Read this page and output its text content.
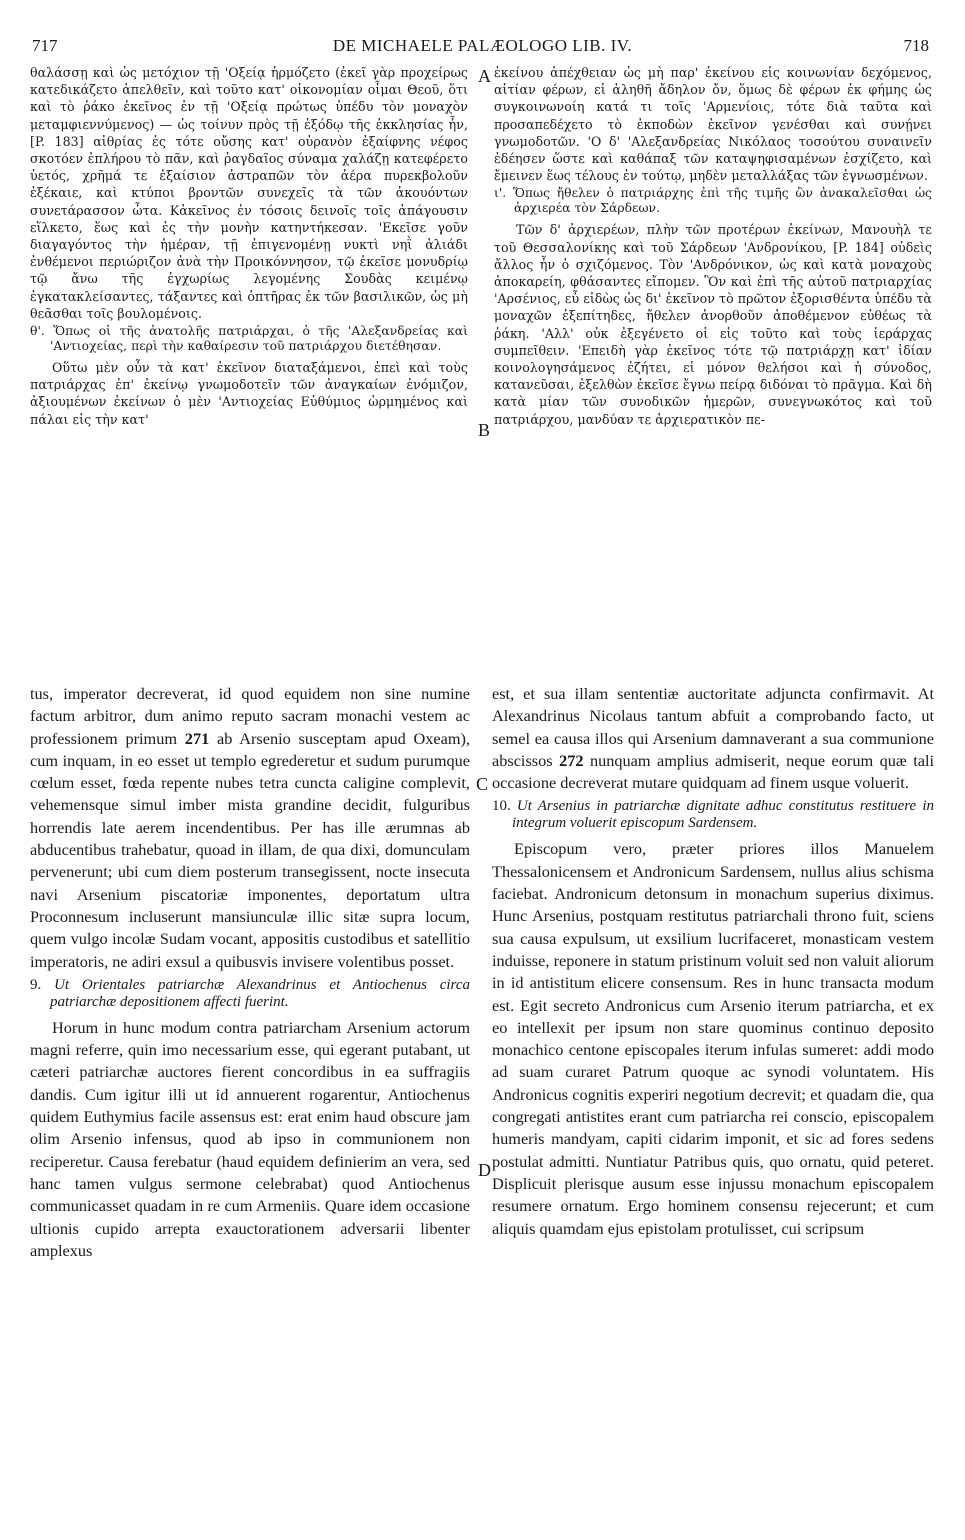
717	DE MICHAELE PALÆOLOGO LIB. IV.	718
A
B
C
D

θαλάσσῃ καὶ ὡς μετόχιον τῇ 'Οξείᾳ ἡρμόζετο (ἐκεῖ γὰρ προχείρως κατεδικάζετο ἀπελθεῖν, καὶ τοῦτο κατ' οἰκονομίαν οἶμαι Θεοῦ, ὅτι καὶ τὸ ῥάκο ἐκεῖνος ἐν τῇ 'Οξείᾳ πρώτως ὑπέδυ τὸν μοναχὸν μεταμφιεννύμενος) — ὡς τοίνυν πρὸς τῇ ἐξόδῳ τῆς ἐκκλησίας ἦν, [P. 183] αἰθρίας ἐς τότε οὔσης κατ' οὐρανὸν ἐξαίφνης νέφος σκοτόεν ἐπλήρου τὸ πᾶν, καὶ ῥαγδαῖος σύναμα χαλάζῃ κατεφέρετο ὑετός, χρῆμά τε ἐξαίσιον ἀστραπῶν τὸν ἀέρα πυρεκβολοῦν ἐξέκαιε, καὶ κτύποι βροντῶν συνεχεῖς τὰ τῶν ἀκουόντων συνετάρασσον ὦτα. Κἀκεῖνος ἐν τόσοις δεινοῖς τοῖς ἀπάγουσιν εἵλκετο, ἕως καὶ ἐς τὴν μονὴν κατηντήκεσαν. 'Εκεῖσε γοῦν διαγαγόντος τὴν ἡμέραν, τῇ ἐπιγενομένῃ νυκτὶ νηῒ ἁλιάδι ἐνθέμενοι περιώριζον ἀνὰ τὴν Προικόννησον, τῷ ἐκεῖσε μονυδρίῳ τῷ ἄνω τῆς ἐγχωρίως λεγομένης Σουδὰς κειμένῳ ἐγκατακλείσαντες, τάξαντες καὶ ὀπτῆρας ἐκ τῶν βασιλικῶν, ὡς μὴ θεᾶσθαι τοῖς βουλομένοις.

θ'. Ὅπως οἱ τῆς ἀνατολῆς πατριάρχαι, ὁ τῆς 'Αλεξανδρείας καὶ 'Αντιοχείας, περὶ τὴν καθαίρεσιν τοῦ πατριάρχου διετέθησαν.

Οὕτω μὲν οὖν τὰ κατ' ἐκεῖνον διαταξάμενοι, ἐπεὶ καὶ τοὺς πατριάρχας ἐπ' ἐκείνῳ γνωμοδοτεῖν τῶν ἀναγκαίων ἐνόμιζον, ἀξιουμένων ἐκείνων ὁ μὲν 'Αντιοχείας Εὐθύμιος ὡρμημένος καὶ πάλαι εἰς τὴν κατ'

ἐκείνου ἀπέχθειαν ὡς μὴ παρ' ἐκείνου εἰς κοινωνίαν δεχόμενος, αἰτίαν φέρων, εἰ ἀληθῆ ἄδηλον ὄν, ὅμως δὲ φέρων ἐκ φήμης ὡς συγκοινωνοίη κατά τι τοῖς 'Αρμενίοις, τότε διὰ ταῦτα καὶ προσαπεδέχετο τὸ ἐκποδὼν ἐκεῖνον γενέσθαι καὶ συνῄνει γνωμοδοτῶν. 'Ο δ' 'Αλεξανδρείας Νικόλαος τοσούτου συναινεῖν ἐδέησεν ὥστε καὶ καθάπαξ τῶν καταψηφισαμένων ἐσχίζετο, καὶ ἔμεινεν ἕως τέλους ἐν τούτῳ, μηδὲν μεταλλάξας τῶν ἐγνωσμένων.

ι'. Ὅπως ἤθελεν ὁ πατριάρχης ἐπὶ τῆς τιμῆς ὢν ἀνακαλεῖσθαι ὡς ἀρχιερέα τὸν Σάρδεων.

Τῶν δ' ἀρχιερέων, πλὴν τῶν προτέρων ἐκείνων, Μανουὴλ τε τοῦ Θεσσαλονίκης καὶ τοῦ Σάρδεων 'Ανδρονίκου, [P. 184] οὐδεὶς ἄλλος ἦν ὁ σχιζόμενος. Τὸν 'Ανδρόνικον, ὡς καὶ κατὰ μοναχοὺς ἀποκαρείη, φθάσαντες εἴπομεν. Ὃν καὶ ἐπὶ τῆς αὐτοῦ πατριαρχίας 'Αρσένιος, εὖ εἰδὼς ὡς δι' ἐκεῖνον τὸ πρῶτον ἐξορισθέντα ὑπέδυ τὰ μοναχῶν ἐξεπίτηδες, ἤθελεν ἀνορθοῦν ἀποθέμενον εὐθέως τὰ ῥάκη. 'Αλλ' οὐκ ἐξεγένετο οἱ εἰς τοῦτο καὶ τοὺς ἱεράρχας συμπεῖθειν. 'Επειδὴ γὰρ ἐκεῖνος τότε τῷ πατριάρχῃ κατ' ἰδίαν κοινολογησάμενος ἐζήτει, εἰ μόνον θελήσοι καὶ ἡ σύνοδος, κατανεῦσαι, ἐξελθὼν ἐκεῖσε ἔγνω πείρᾳ διδόναι τὸ πρᾶγμα. Καὶ δὴ κατὰ μίαν τῶν συνοδικῶν ἡμερῶν, συνεγνωκότος καὶ τοῦ πατριάρχου, μανδύαν τε ἀρχιερατικὸν πε-

tus, imperator decreverat, id quod equidem non sine numine factum arbitror, dum animo reputo sacram monachi vestem ac professionem primum 271 ab Arsenio susceptam apud Oxeam), cum inquam, in eo esset ut templo egrederetur et sudum purumque cœlum esset, fœda repente nubes tetra cuncta caligine complevit, vehemensque simul imber mista grandine decidit, fulguribus horrendis late aerem incendentibus. Per has ille ærumnas ab abducentibus trahebatur, quoad in illam, de qua dixi, domunculam pervenerunt; ubi cum diem posterum transegissent, nocte insecuta navi Arsenium piscatoriæ imponentes, deportatum ultra Proconnesum incluserunt mansiunculæ illic sitæ supra locum, quem vulgo incolæ Sudam vocant, appositis custodibus et satellitio imperatoris, ne adiri exsul a quibusvis invisere volentibus posset.

9. Ut Orientales patriarchæ Alexandrinus et Antiochenus circa patriarchæ depositionem affecti fuerint.

Horum in hunc modum contra patriarcham Arsenium actorum magni referre, quin imo necessarium esse, qui egerant putabant, ut cæteri patriarchæ auctores fierent concordibus in ea suffragiis dandis. Cum igitur illi ut id annuerent rogarentur, Antiochenus quidem Euthymius facile assensus est: erat enim haud obscure jam olim Arsenio infensus, quod ab ipso in communionem non reciperetur. Causa ferebatur (haud equidem definierim an vera, sed hanc tamen vulgus sermone celebrabat) quod Antiochenus communicasset quadam in re cum Armeniis. Quare idem occasione ultionis cupido arrepta exauctorationem adversarii libenter amplexus

est, et sua illam sententiæ auctoritate adjuncta confirmavit. At Alexandrinus Nicolaus tantum abfuit a comprobando facto, ut semel ea causa illos qui Arsenium damnaverant a sua communione abscissos 272 nunquam amplius admiserit, neque eorum quæ tali occasione decreverat mutare quidquam ad finem usque voluerit.

10. Ut Arsenius in patriarchæ dignitate adhuc constitutus restituere in integrum voluerit episcopum Sardensem.

Episcopum vero, præter priores illos Manuelem Thessalonicensem et Andronicum Sardensem, nullus alius schisma faciebat. Andronicum detonsum in monachum superius diximus. Hunc Arsenius, postquam restitutus patriarchali throno fuit, sciens sua causa expulsum, ut exsilium lucrifaceret, monasticam vestem induisse, reponere in statum pristinum voluit sed non valuit aliorum in id antistitum elicere consensum. Res in hunc transacta modum est. Egit secreto Andronicus cum Arsenio iterum patriarcha, et ex eo intellexit per ipsum non stare quominus continuo deposito monachico centone episcopales iterum infulas sumeret: addi modo ad suam curaret Patrum quoque ac synodi voluntatem. His Andronicus cognitis experiri negotium decrevit; et quadam die, qua congregati antistites erant cum patriarcha rei conscio, episcopalem humeris mandyam, capiti cidarim imponit, et sic ad fores sedens postulat admitti. Nuntiatur Patribus quis, quo ornatu, quid peteret. Displicuit plerisque ausum esse injussu monachum episcopalem resumere ornatum. Ergo hominem consensu rejecerunt; et cum aliquis quamdam ejus epistolam protulisset, cui scripsum
